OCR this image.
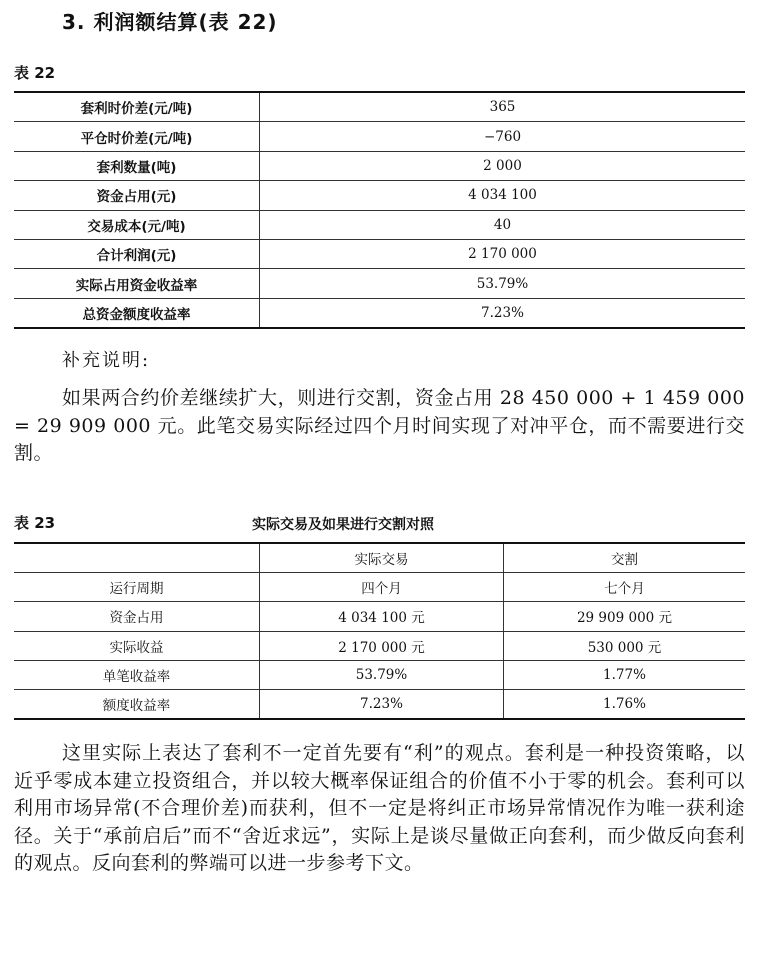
3. 利润额结算(表 22)
表 22
套利时价差(元/吨)	365
平仓时价差(元/吨)	−760
套利数量(吨)	2 000
资金占用(元)	4 034 100
交易成本(元/吨)	40
合计利润(元)	2 170 000
实际占用资金收益率	53.79%
总资金额度收益率	7.23%
补充说明:

如果两合约价差继续扩大，则进行交割，资金占用 28 450 000 + 1 459 000 = 29 909 000 元。此笔交易实际经过四个月时间实现了对冲平仓，而不需要进行交割。

表 23	实际交易及如果进行交割对照
	实际交易	交割
运行周期	四个月	七个月
资金占用	4 034 100 元	29 909 000 元
实际收益	2 170 000 元	530 000 元
单笔收益率	53.79%	1.77%
额度收益率	7.23%	1.76%

这里实际上表达了套利不一定首先要有“利”的观点。套利是一种投资策略，以近乎零成本建立投资组合，并以较大概率保证组合的价值不小于零的机会。套利可以利用市场异常(不合理价差)而获利，但不一定是将纠正市场异常情况作为唯一获利途径。关于“承前启后”而不“舍近求远”，实际上是谈尽量做正向套利，而少做反向套利的观点。反向套利的弊端可以进一步参考下文。
